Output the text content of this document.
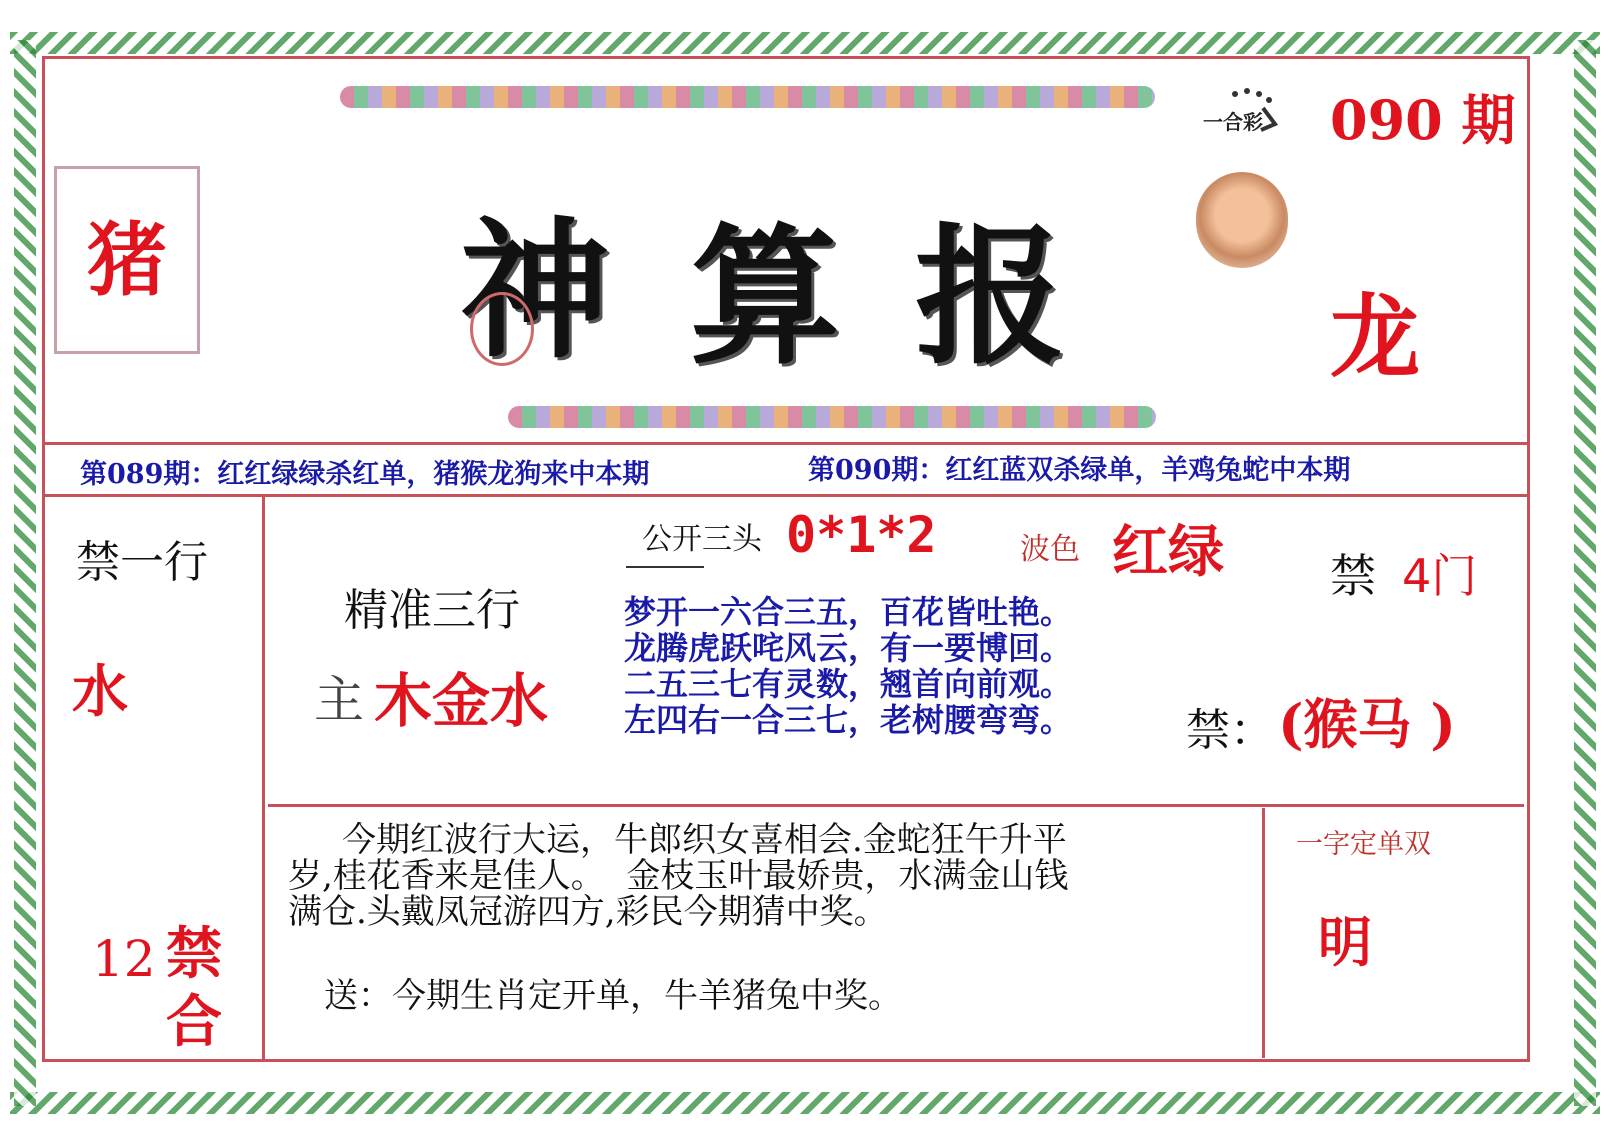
猪 神 算 报
一合彩 090 期
龙
第089期：红红绿绿杀红单，猪猴龙狗来中本期	第090期：红红蓝双杀绿单，羊鸡兔蛇中本期
禁一行
水
12 禁
合
公开三头 0*1*2	波色 红绿
精准三行
主 木金水
梦开一六合三五，百花皆吐艳。
龙腾虎跃咤风云，有一要博回。
二五三七有灵数，翘首向前观。
左四右一合三七，老树腰弯弯。
禁 4门
禁： (猴马 )
一字定单双
明
今期红波行大运，牛郎织女喜相会.金蛇狂午升平
岁,桂花香来是佳人。  金枝玉叶最娇贵，水满金山钱
满仓.头戴凤冠游四方,彩民今期猜中奖。
送：今期生肖定开单，牛羊猪兔中奖。
